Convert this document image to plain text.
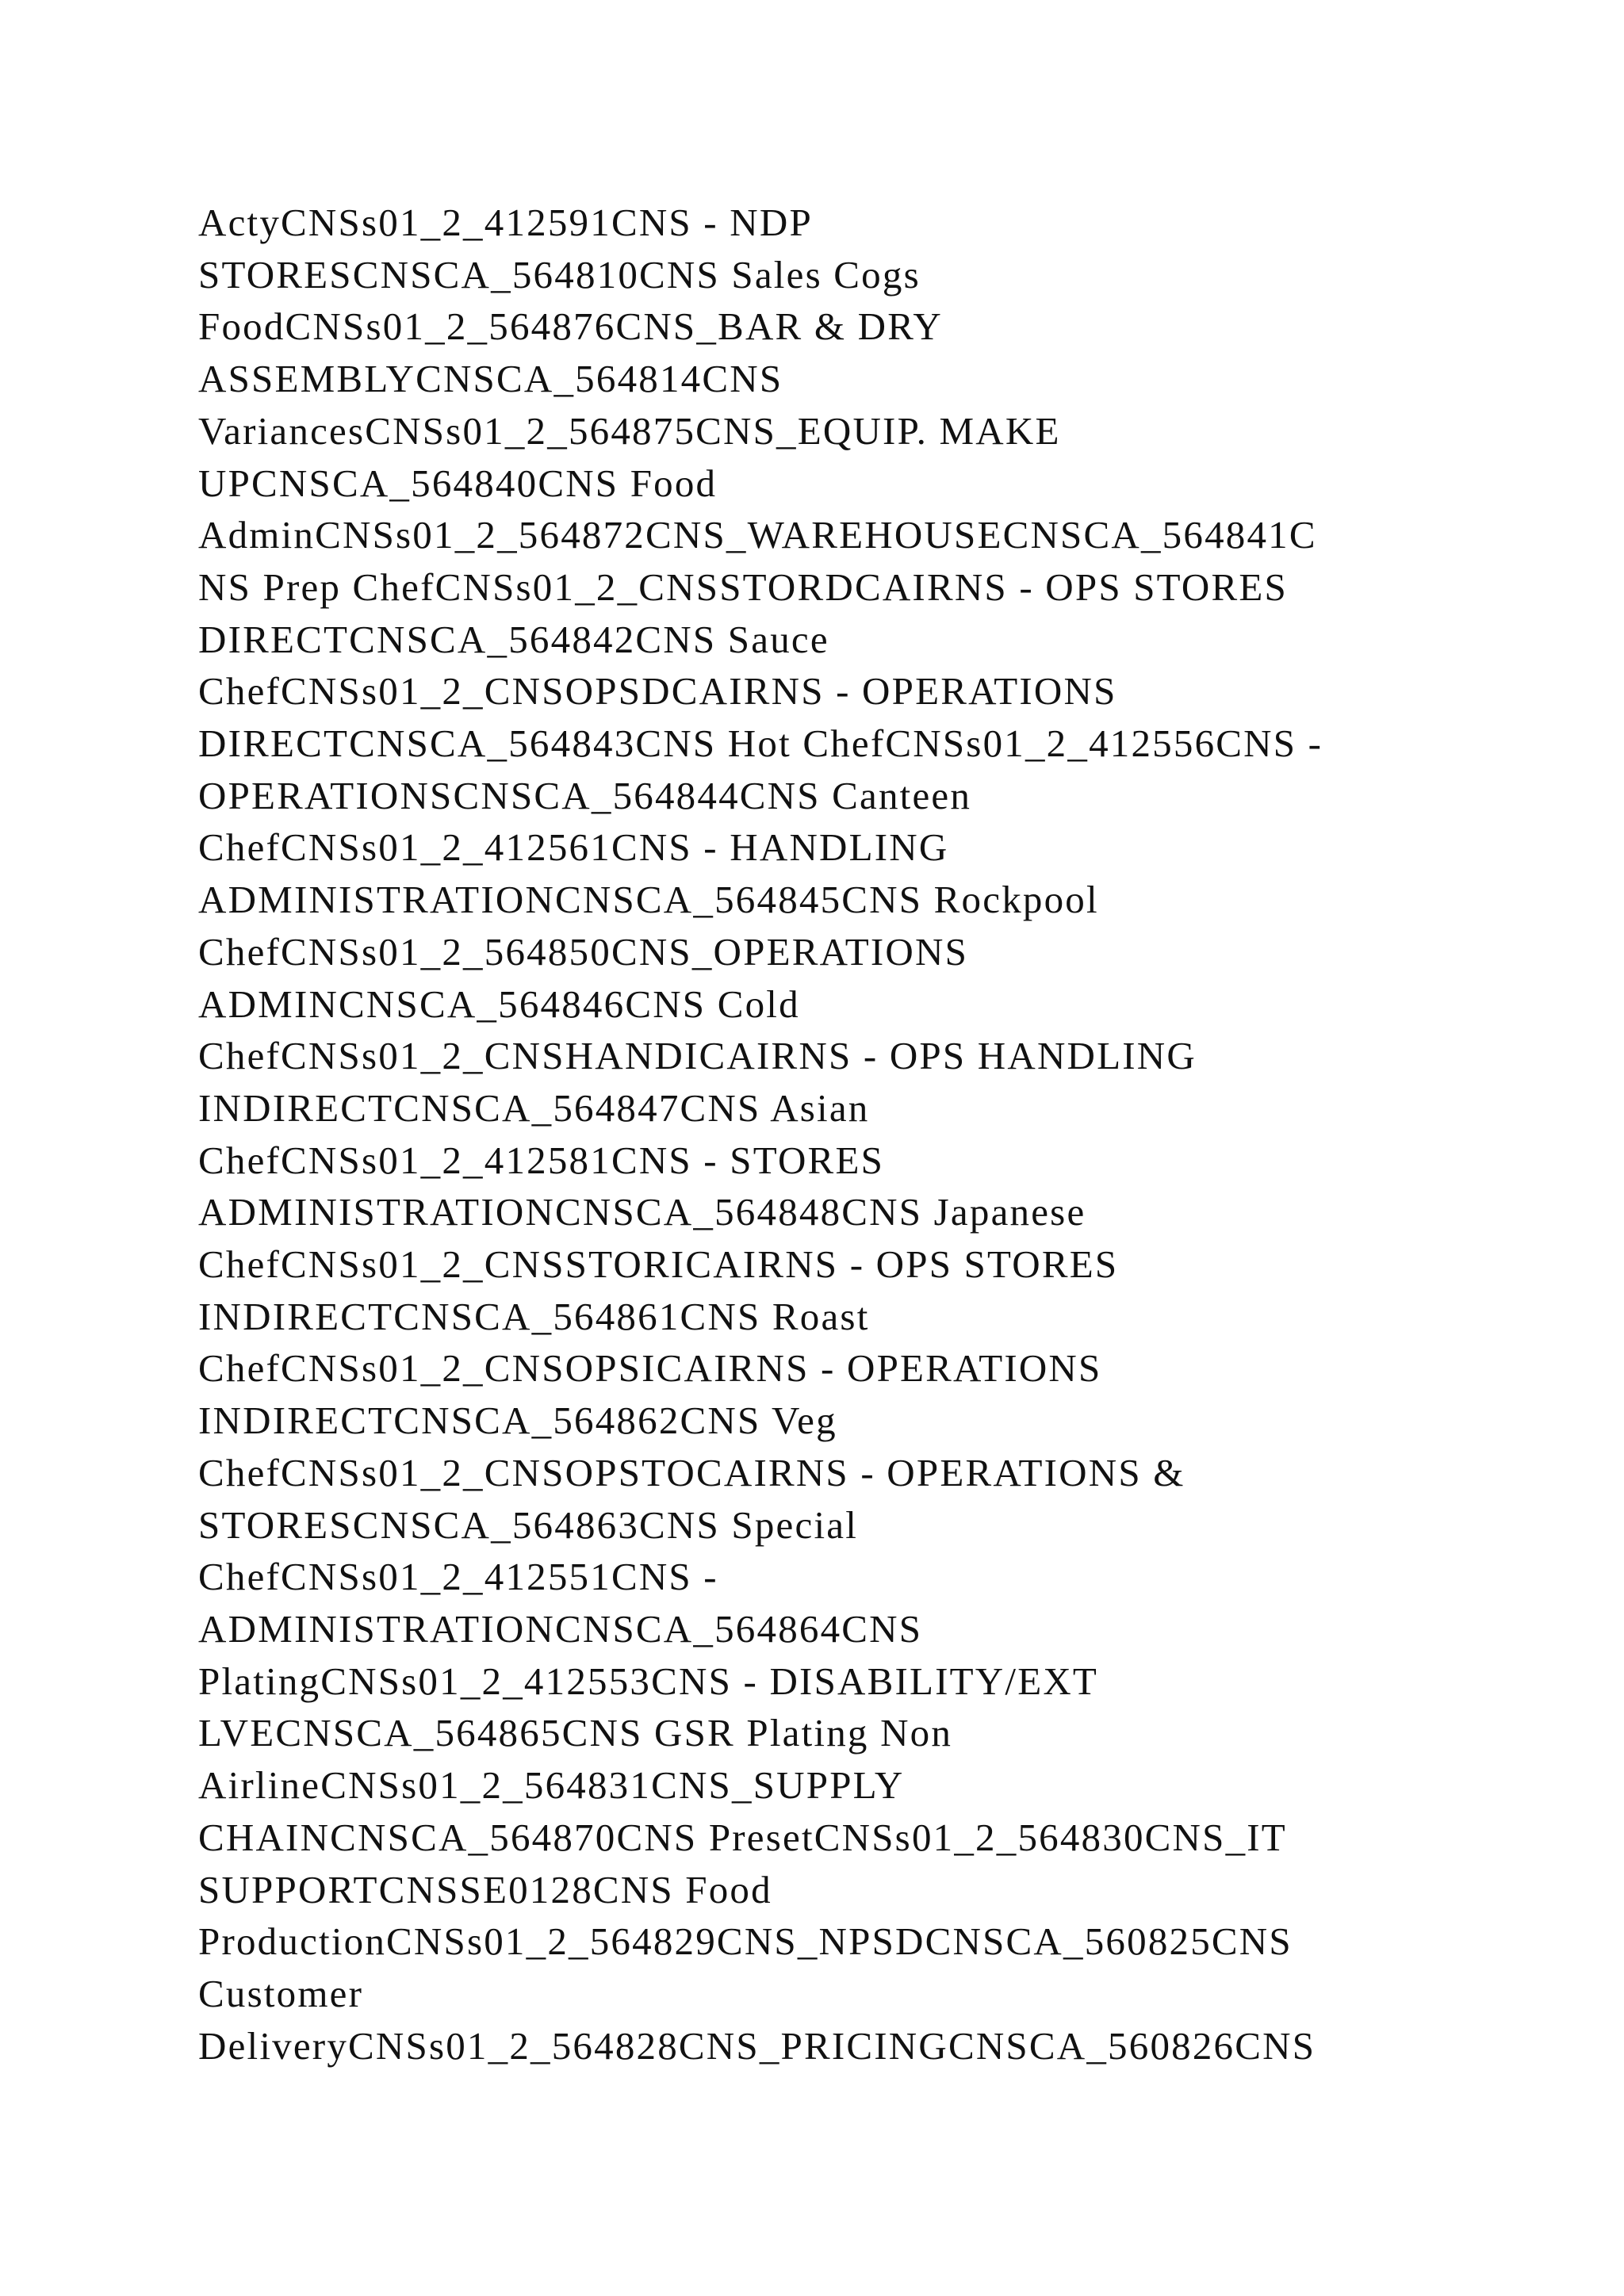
ActyCNSs01_2_412591CNS - NDP

STORESCNSCA_564810CNS Sales Cogs

FoodCNSs01_2_564876CNS_BAR & DRY

ASSEMBLYCNSCA_564814CNS

VariancesCNSs01_2_564875CNS_EQUIP. MAKE

UPCNSCA_564840CNS Food

AdminCNSs01_2_564872CNS_WAREHOUSECNSCA_564841C

NS Prep ChefCNSs01_2_CNSSTORDCAIRNS - OPS STORES

DIRECTCNSCA_564842CNS Sauce

ChefCNSs01_2_CNSOPSDCAIRNS - OPERATIONS

DIRECTCNSCA_564843CNS Hot ChefCNSs01_2_412556CNS -

OPERATIONSCNSCA_564844CNS Canteen

ChefCNSs01_2_412561CNS - HANDLING

ADMINISTRATIONCNSCA_564845CNS Rockpool

ChefCNSs01_2_564850CNS_OPERATIONS

ADMINCNSCA_564846CNS Cold

ChefCNSs01_2_CNSHANDICAIRNS - OPS HANDLING

INDIRECTCNSCA_564847CNS Asian

ChefCNSs01_2_412581CNS - STORES

ADMINISTRATIONCNSCA_564848CNS Japanese

ChefCNSs01_2_CNSSTORICAIRNS - OPS STORES

INDIRECTCNSCA_564861CNS Roast

ChefCNSs01_2_CNSOPSICAIRNS - OPERATIONS

INDIRECTCNSCA_564862CNS Veg

ChefCNSs01_2_CNSOPSTOCAIRNS - OPERATIONS &

STORESCNSCA_564863CNS Special

ChefCNSs01_2_412551CNS -

ADMINISTRATIONCNSCA_564864CNS

PlatingCNSs01_2_412553CNS - DISABILITY/EXT

LVECNSCA_564865CNS GSR Plating Non

AirlineCNSs01_2_564831CNS_SUPPLY

CHAINCNSCA_564870CNS PresetCNSs01_2_564830CNS_IT

SUPPORTCNSSE0128CNS Food

ProductionCNSs01_2_564829CNS_NPSDCNSCA_560825CNS

Customer

DeliveryCNSs01_2_564828CNS_PRICINGCNSCA_560826CNS
